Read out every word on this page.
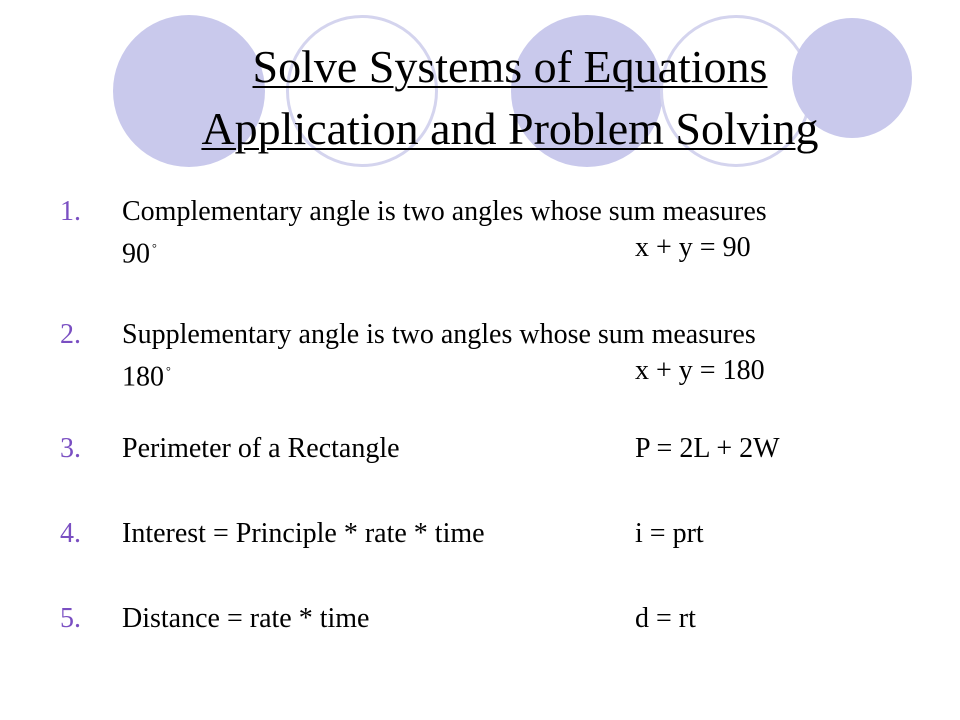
Solve Systems of Equations
Application and Problem Solving
1. Complementary angle is two angles whose sum measures
90 °	x + y = 90
2. Supplementary angle is two angles whose sum measures
180 °	x + y = 180
3. Perimeter of a Rectangle	P = 2L + 2W
4. Interest = Principle * rate * time	i = prt
5. Distance = rate * time	d = rt
